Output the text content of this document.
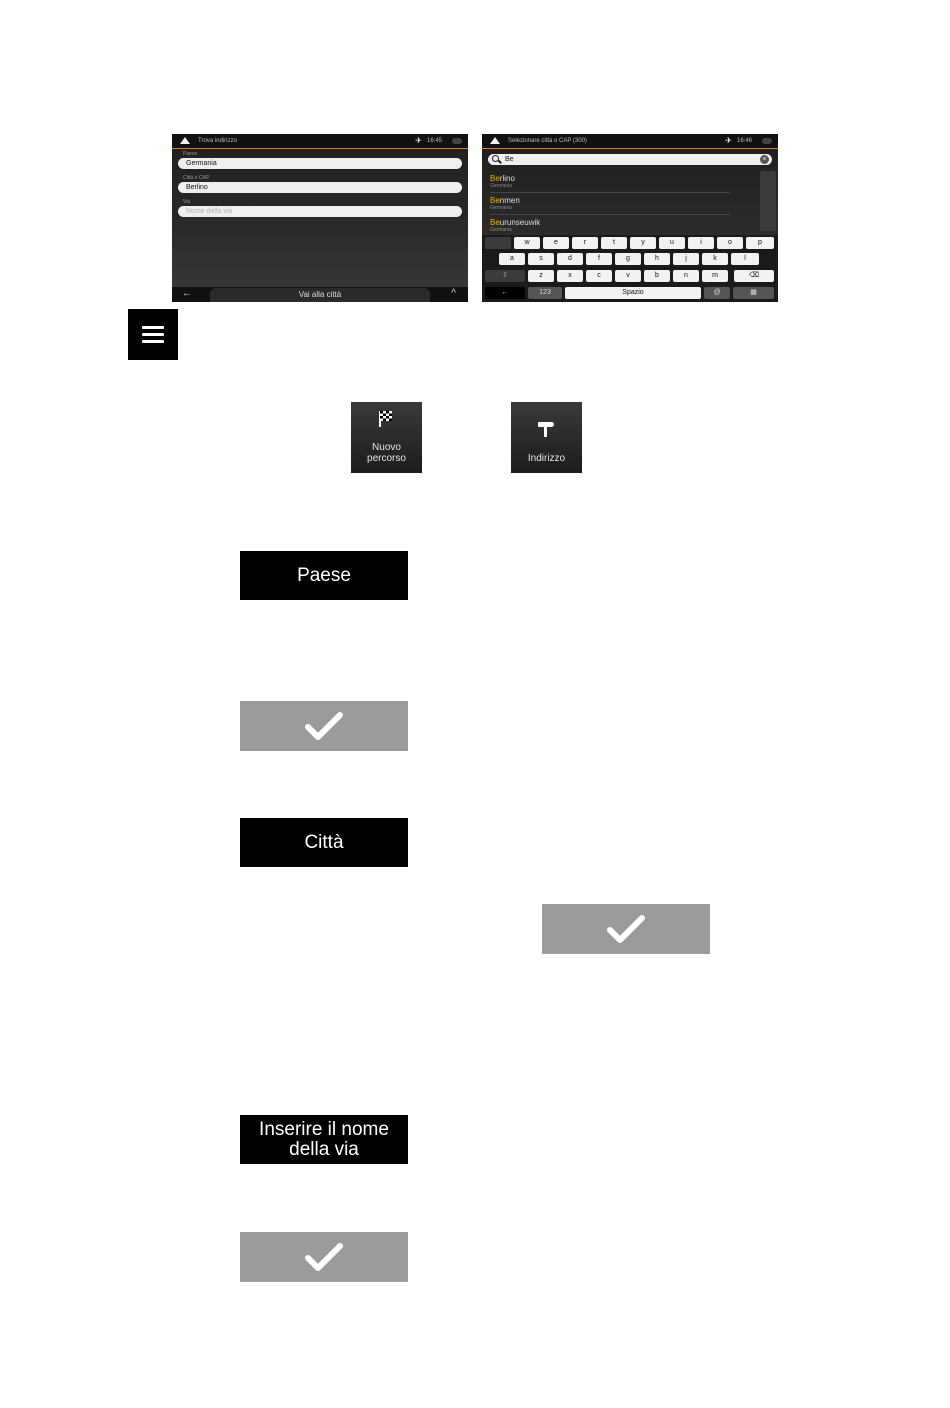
Trova indirizzo	✈ 16:45
Paese
Germania
Città o CAP
Berlino
Via
Nome della via
←	Vai alla città	^
Selezionare città o CAP (300)	✈ 16:46
Be	×
Berlino
Germania
Benmen
Germania
Beurunseuwik
Germania
w	e	r	t	y	u	i	o	p
a	s	d	f	g	h	j	k	l
⇧	z	x	c	v	b	n	m	⌫
←	123	Spazio	@	▦
Nuovo percorso	Indirizzo
Paese
Città
Inserire il nome della via
